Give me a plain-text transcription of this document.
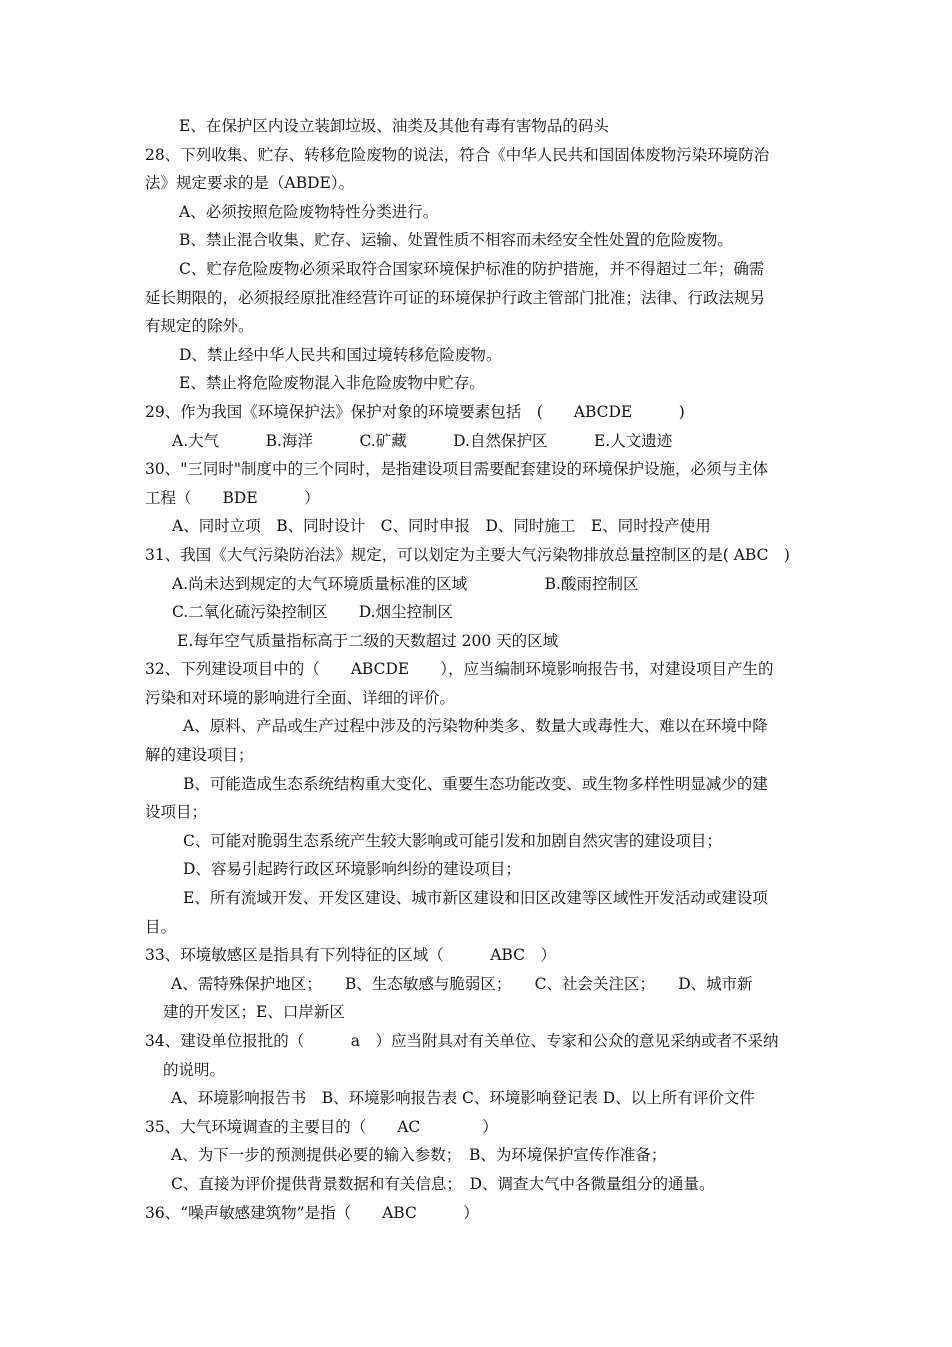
E、在保护区内设立装卸垃圾、油类及其他有毒有害物品的码头
28、下列收集、贮存、转移危险废物的说法，符合《中华人民共和国固体废物污染环境防治
法》规定要求的是（ABDE）。
A、必须按照危险废物特性分类进行。
B、禁止混合收集、贮存、运输、处置性质不相容而未经安全性处置的危险废物。
C、贮存危险废物必须采取符合国家环境保护标准的防护措施，并不得超过二年；确需
延长期限的，必须报经原批准经营许可证的环境保护行政主管部门批准；法律、行政法规另
有规定的除外。
D、禁止经中华人民共和国过境转移危险废物。
E、禁止将危险废物混入非危险废物中贮存。
29、作为我国《环境保护法》保护对象的环境要素包括　(　　ABCDE　　　)
A.大气　　　B.海洋　　　C.矿藏　　　D.自然保护区　　　E.人文遗迹
30、"三同时"制度中的三个同时，是指建设项目需要配套建设的环境保护设施，必须与主体
工程（　　BDE　　　）
A、同时立项　B、同时设计　C、同时申报　D、同时施工　E、同时投产使用
31、我国《大气污染防治法》规定，可以划定为主要大气污染物排放总量控制区的是( ABC　)
A.尚未达到规定的大气环境质量标准的区域　　　　　B.酸雨控制区
C.二氧化硫污染控制区　　D.烟尘控制区
E.每年空气质量指标高于二级的天数超过 200 天的区域
32、下列建设项目中的（　　ABCDE　　），应当编制环境影响报告书，对建设项目产生的
污染和对环境的影响进行全面、详细的评价。
A、原料、产品或生产过程中涉及的污染物种类多、数量大或毒性大、难以在环境中降
解的建设项目；
B、可能造成生态系统结构重大变化、重要生态功能改变、或生物多样性明显减少的建
设项目；
C、可能对脆弱生态系统产生较大影响或可能引发和加剧自然灾害的建设项目；
D、容易引起跨行政区环境影响纠纷的建设项目；
E、所有流域开发、开发区建设、城市新区建设和旧区改建等区域性开发活动或建设项
目。
33、环境敏感区是指具有下列特征的区域（　　　ABC　）
A、需特殊保护地区；　　B、生态敏感与脆弱区；　　C、社会关注区；　　D、城市新
建的开发区；E、口岸新区
34、建设单位报批的（　　　a　）应当附具对有关单位、专家和公众的意见采纳或者不采纳
的说明。
A、环境影响报告书　B、环境影响报告表 C、环境影响登记表 D、以上所有评价文件
35、大气环境调查的主要目的（　　AC　　　　）
A、为下一步的预测提供必要的输入参数；　B、为环境保护宣传作准备；
C、直接为评价提供背景数据和有关信息；　D、调查大气中各微量组分的通量。
36、“噪声敏感建筑物”是指（　　ABC　　　）
